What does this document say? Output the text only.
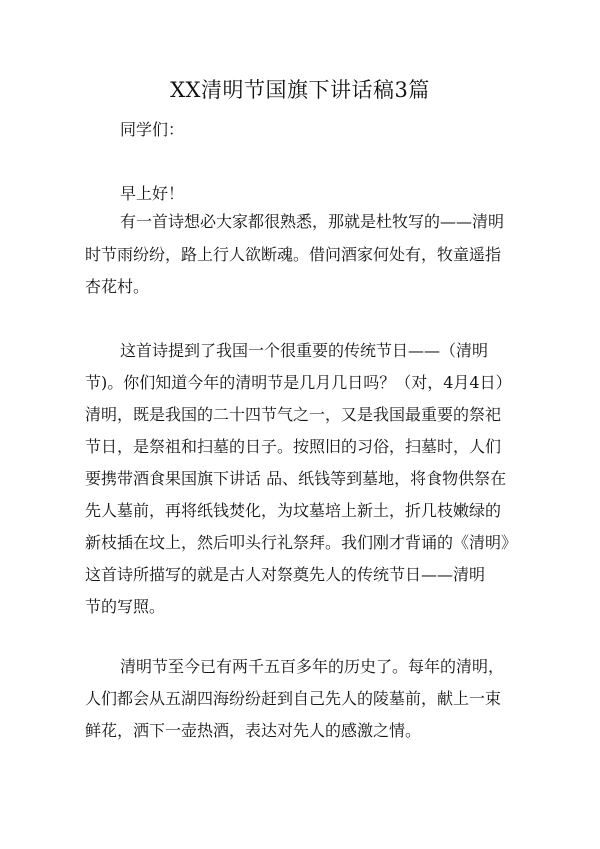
XX清明节国旗下讲话稿3篇

同学们：

早上好！

有一首诗想必大家都很熟悉，那就是杜牧写的——清明

时节雨纷纷，路上行人欲断魂。借问酒家何处有，牧童遥指

杏花村。

这首诗提到了我国一个很重要的传统节日——（清明

节)。你们知道今年的清明节是几月几日吗？（对，4月4日）

清明，既是我国的二十四节气之一，又是我国最重要的祭祀

节日，是祭祖和扫墓的日子。按照旧的习俗，扫墓时，人们

要携带酒食果国旗下讲话 品、纸钱等到墓地，将食物供祭在

先人墓前，再将纸钱焚化，为坟墓培上新土，折几枝嫩绿的

新枝插在坟上，然后叩头行礼祭拜。我们刚才背诵的《清明》

这首诗所描写的就是古人对祭奠先人的传统节日——清明

节的写照。

清明节至今已有两千五百多年的历史了。每年的清明，

人们都会从五湖四海纷纷赶到自己先人的陵墓前，献上一束

鲜花，洒下一壶热酒，表达对先人的感激之情。
